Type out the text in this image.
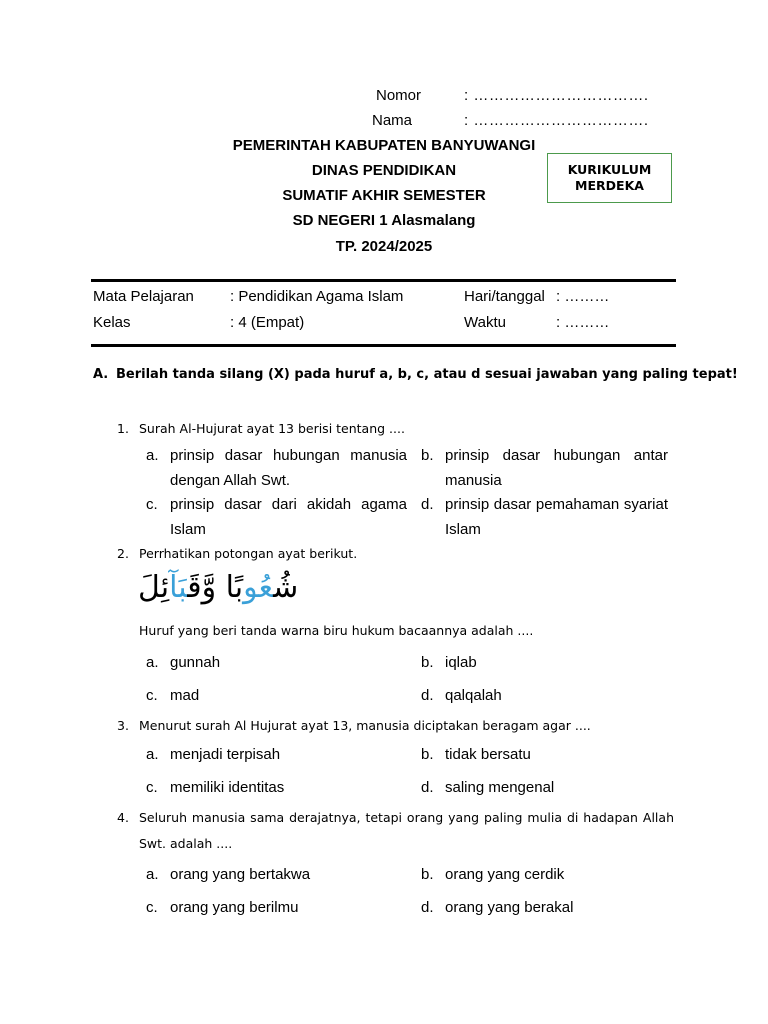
Nomor	: …………………………….
Nama	: …………………………….
PEMERINTAH KABUPATEN BANYUWANGI
DINAS PENDIDIKAN
SUMATIF AKHIR SEMESTER
SD NEGERI 1 Alasmalang
TP. 2024/2025
KURIKULUM
MERDEKA
Mata Pelajaran : Pendidikan Agama Islam	Hari/tanggal : ………
Kelas	: 4 (Empat)	Waktu	: ………
A. Berilah tanda silang (X) pada huruf a, b, c, atau d sesuai jawaban yang paling tepat!
1. Surah Al-Hujurat ayat 13 berisi tentang ....
a. prinsip dasar hubungan manusia dengan Allah Swt.
b. prinsip dasar hubungan antar manusia
c. prinsip dasar dari akidah agama Islam
d. prinsip dasar pemahaman syariat Islam
2. Perrhatikan potongan ayat berikut.
شُعُوبًا وَّقَبَآئِلَ
Huruf yang beri tanda warna biru hukum bacaannya adalah ....
a. gunnah	b. iqlab
c. mad	d. qalqalah
3. Menurut surah Al Hujurat ayat 13, manusia diciptakan beragam agar ....
a. menjadi terpisah	b. tidak bersatu
c. memiliki identitas	d. saling mengenal
4. Seluruh manusia sama derajatnya, tetapi orang yang paling mulia di hadapan Allah Swt. adalah ....
a. orang yang bertakwa	b. orang yang cerdik
c. orang yang berilmu	d. orang yang berakal
